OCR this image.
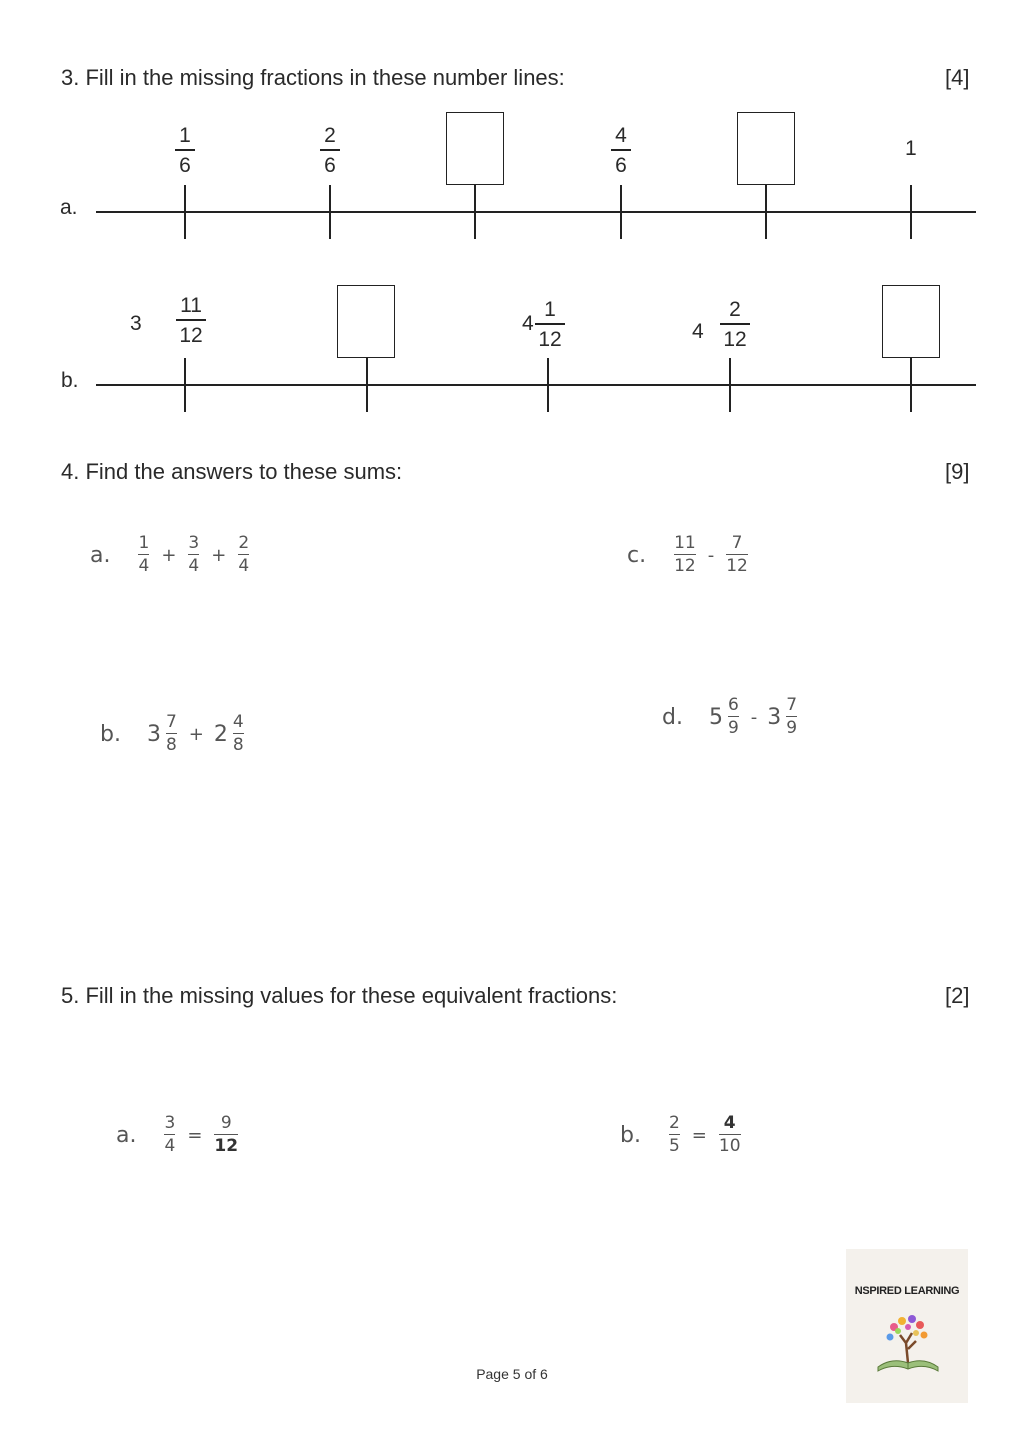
3. Fill in the missing fractions in these number lines:	[4]
a.
1
6
2
6
4
6
1
b.
3
11
12	4
1
12	4
2
12
4. Find the answers to these sums:	[9]
a. 1
4
+
3
4
+
2
4	c. 11
12
-
7
12
b. 3 7
8
+ 2 4
8
d. 5 6
9
- 3 7
9
5. Fill in the missing values for these equivalent fractions:	[2]
a. 3
4
=
9
12	b. 2
5
=
4
10
Page 5 of 6
NSPIRED LEARNING
